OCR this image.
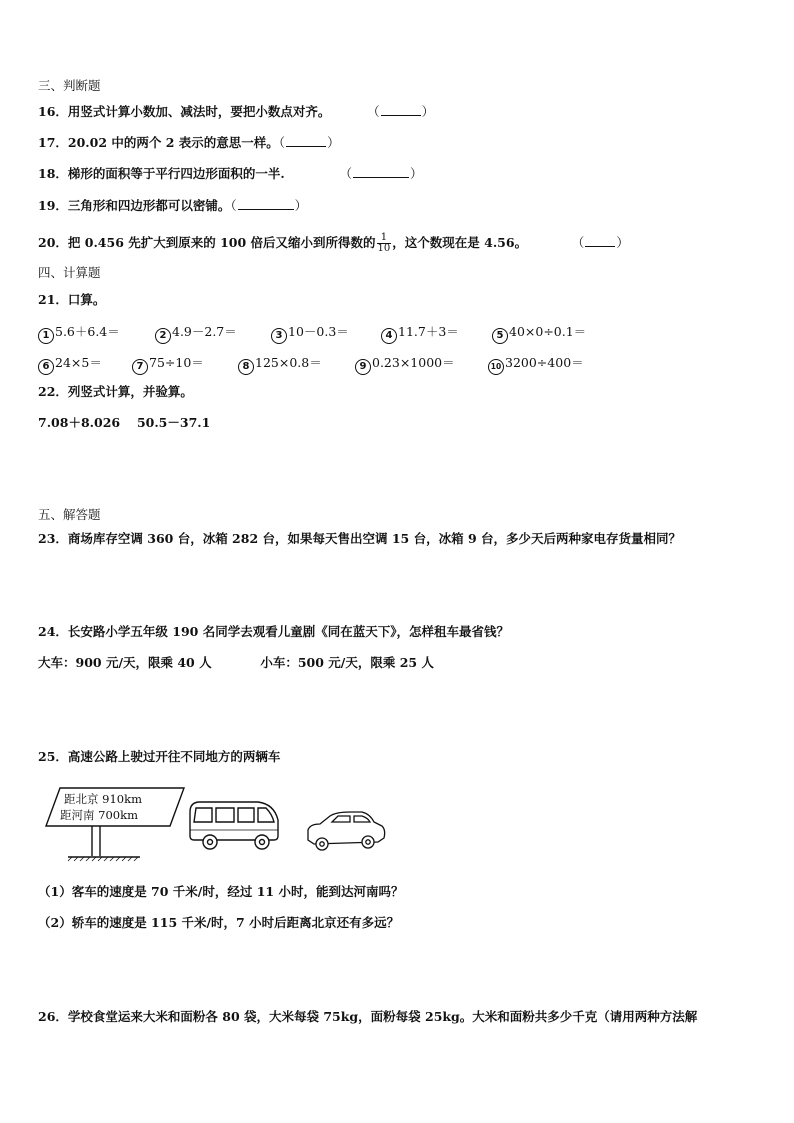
三、判断题
16．用竖式计算小数加、减法时，要把小数点对齐。	（	）
17．20.02 中的两个 2 表示的意思一样。（	）
18．梯形的面积等于平行四边形面积的一半.	（	）
19．三角形和四边形都可以密铺。（	）
20．把 0.456 先扩大到原来的 100 倍后又缩小到所得数的 $\frac{1}{10}$ ，这个数现在是 4.56。	（	）
四、计算题
21．口算。
1 5.6＋6.4＝	2 4.9－2.7＝	3 10－0.3＝	4 11.7＋3＝	5 40×0÷0.1＝
6 24×5＝	7 75÷10＝	8 125×0.8＝	9 0.23×1000＝	10 3200÷400＝
22．列竖式计算，并验算。
7.08＋8.026　 50.5－37.1
五、解答题
23．商场库存空调 360 台，冰箱 282 台，如果每天售出空调 15 台，冰箱 9 台，多少天后两种家电存货量相同？
24．长安路小学五年级 190 名同学去观看儿童剧《同在蓝天下》，怎样租车最省钱？
大车：900 元/天，限乘 40 人	小车：500 元/天，限乘 25 人
25．高速公路上驶过开往不同地方的两辆车
距北京 910km
距河南 700km
（1）客车的速度是 70 千米/时，经过 11 小时，能到达河南吗？
（2）轿车的速度是 115 千米/时，7 小时后距离北京还有多远？
26．学校食堂运来大米和面粉各 80 袋，大米每袋 75kg，面粉每袋 25kg。大米和面粉共多少千克（请用两种方法解
